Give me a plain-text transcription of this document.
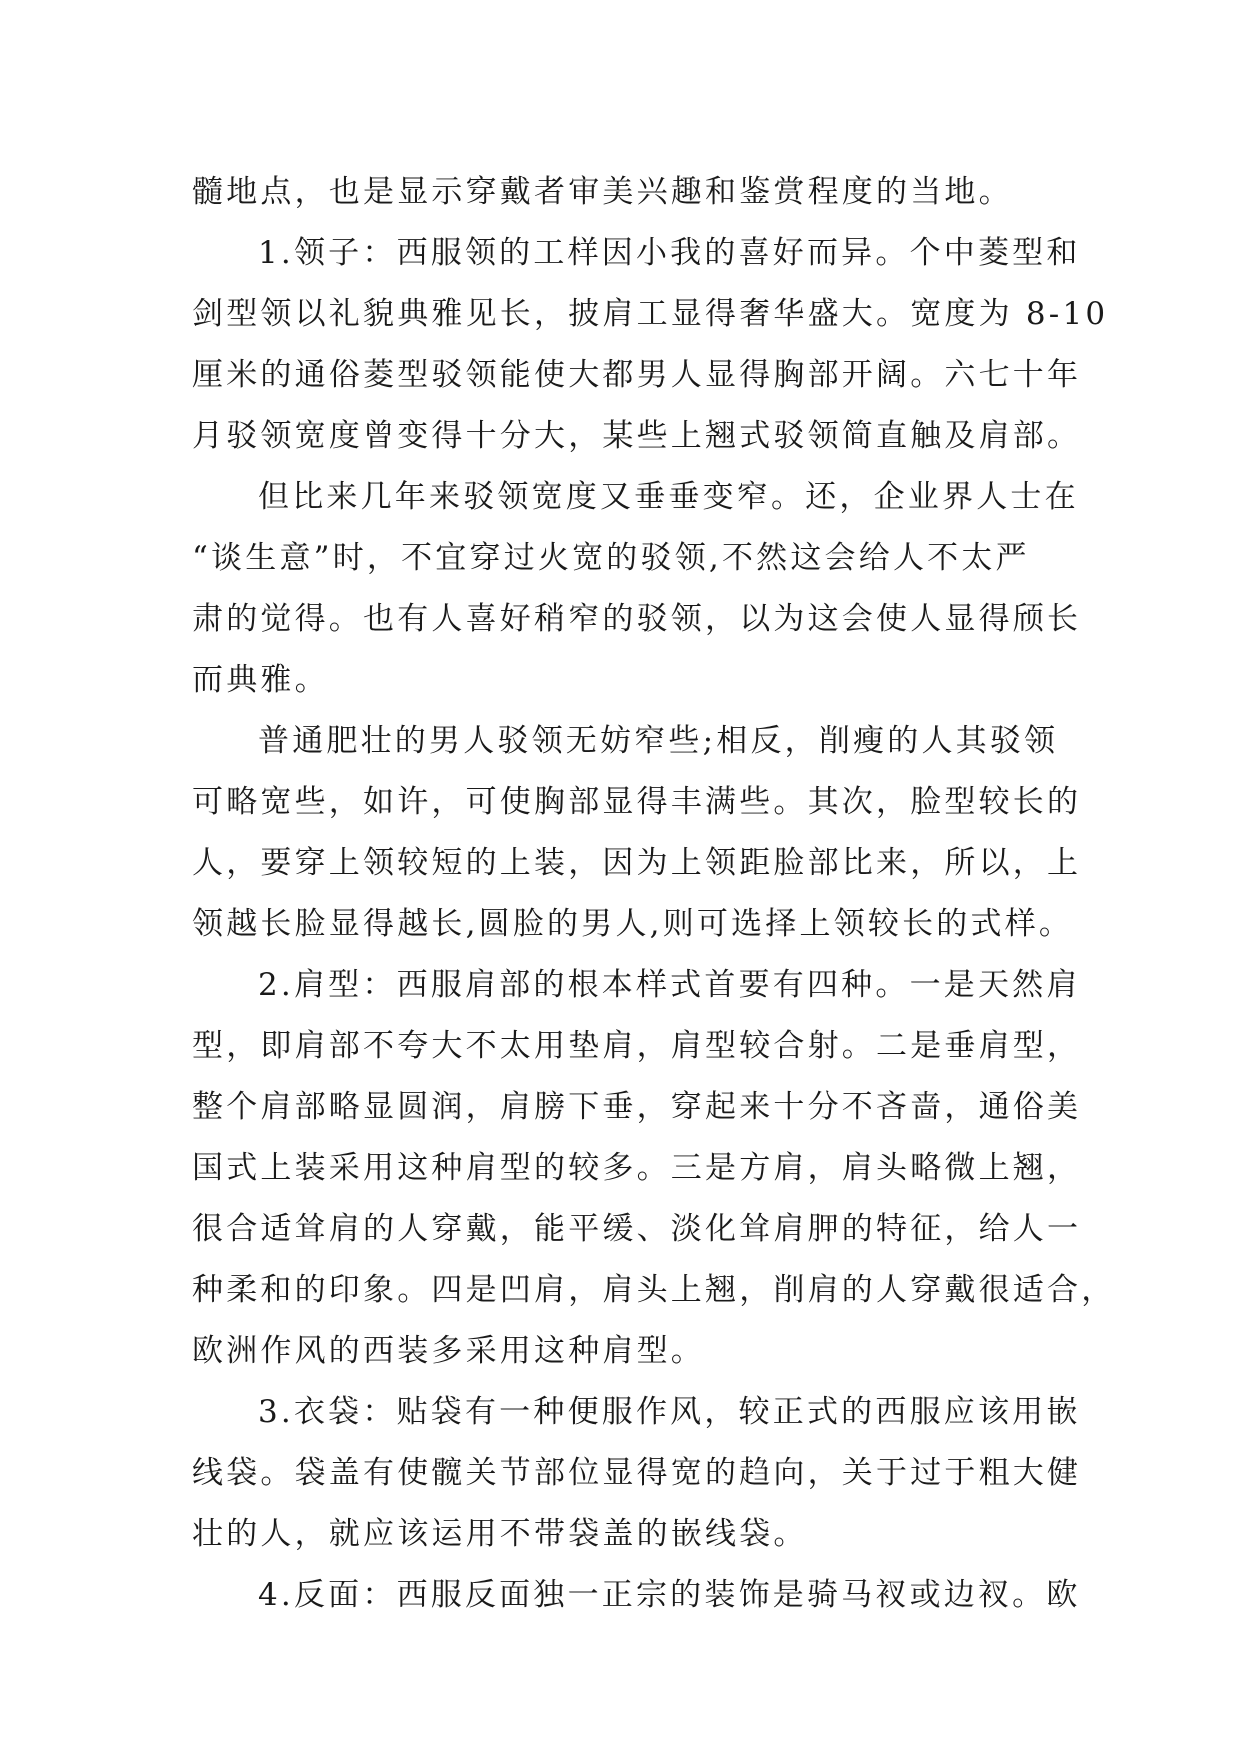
髓地点，也是显示穿戴者审美兴趣和鉴赏程度的当地。
1.领子：西服领的工样因小我的喜好而异。个中菱型和
剑型领以礼貌典雅见长，披肩工显得奢华盛大。宽度为 8-10
厘米的通俗菱型驳领能使大都男人显得胸部开阔。六七十年
月驳领宽度曾变得十分大，某些上翘式驳领简直触及肩部。
但比来几年来驳领宽度又垂垂变窄。还，企业界人士在
“谈生意”时，不宜穿过火宽的驳领,不然这会给人不太严
肃的觉得。也有人喜好稍窄的驳领，以为这会使人显得颀长
而典雅。
普通肥壮的男人驳领无妨窄些;相反，削瘦的人其驳领
可略宽些，如许，可使胸部显得丰满些。其次，脸型较长的
人，要穿上领较短的上装，因为上领距脸部比来，所以，上
领越长脸显得越长,圆脸的男人,则可选择上领较长的式样。
2.肩型：西服肩部的根本样式首要有四种。一是天然肩
型，即肩部不夸大不太用垫肩，肩型较合射。二是垂肩型，
整个肩部略显圆润，肩膀下垂，穿起来十分不吝啬，通俗美
国式上装采用这种肩型的较多。三是方肩，肩头略微上翘，
很合适耸肩的人穿戴，能平缓、淡化耸肩胛的特征，给人一
种柔和的印象。四是凹肩，肩头上翘，削肩的人穿戴很适合，
欧洲作风的西装多采用这种肩型。
3.衣袋：贴袋有一种便服作风，较正式的西服应该用嵌
线袋。袋盖有使髋关节部位显得宽的趋向，关于过于粗大健
壮的人，就应该运用不带袋盖的嵌线袋。
4.反面：西服反面独一正宗的装饰是骑马衩或边衩。欧
